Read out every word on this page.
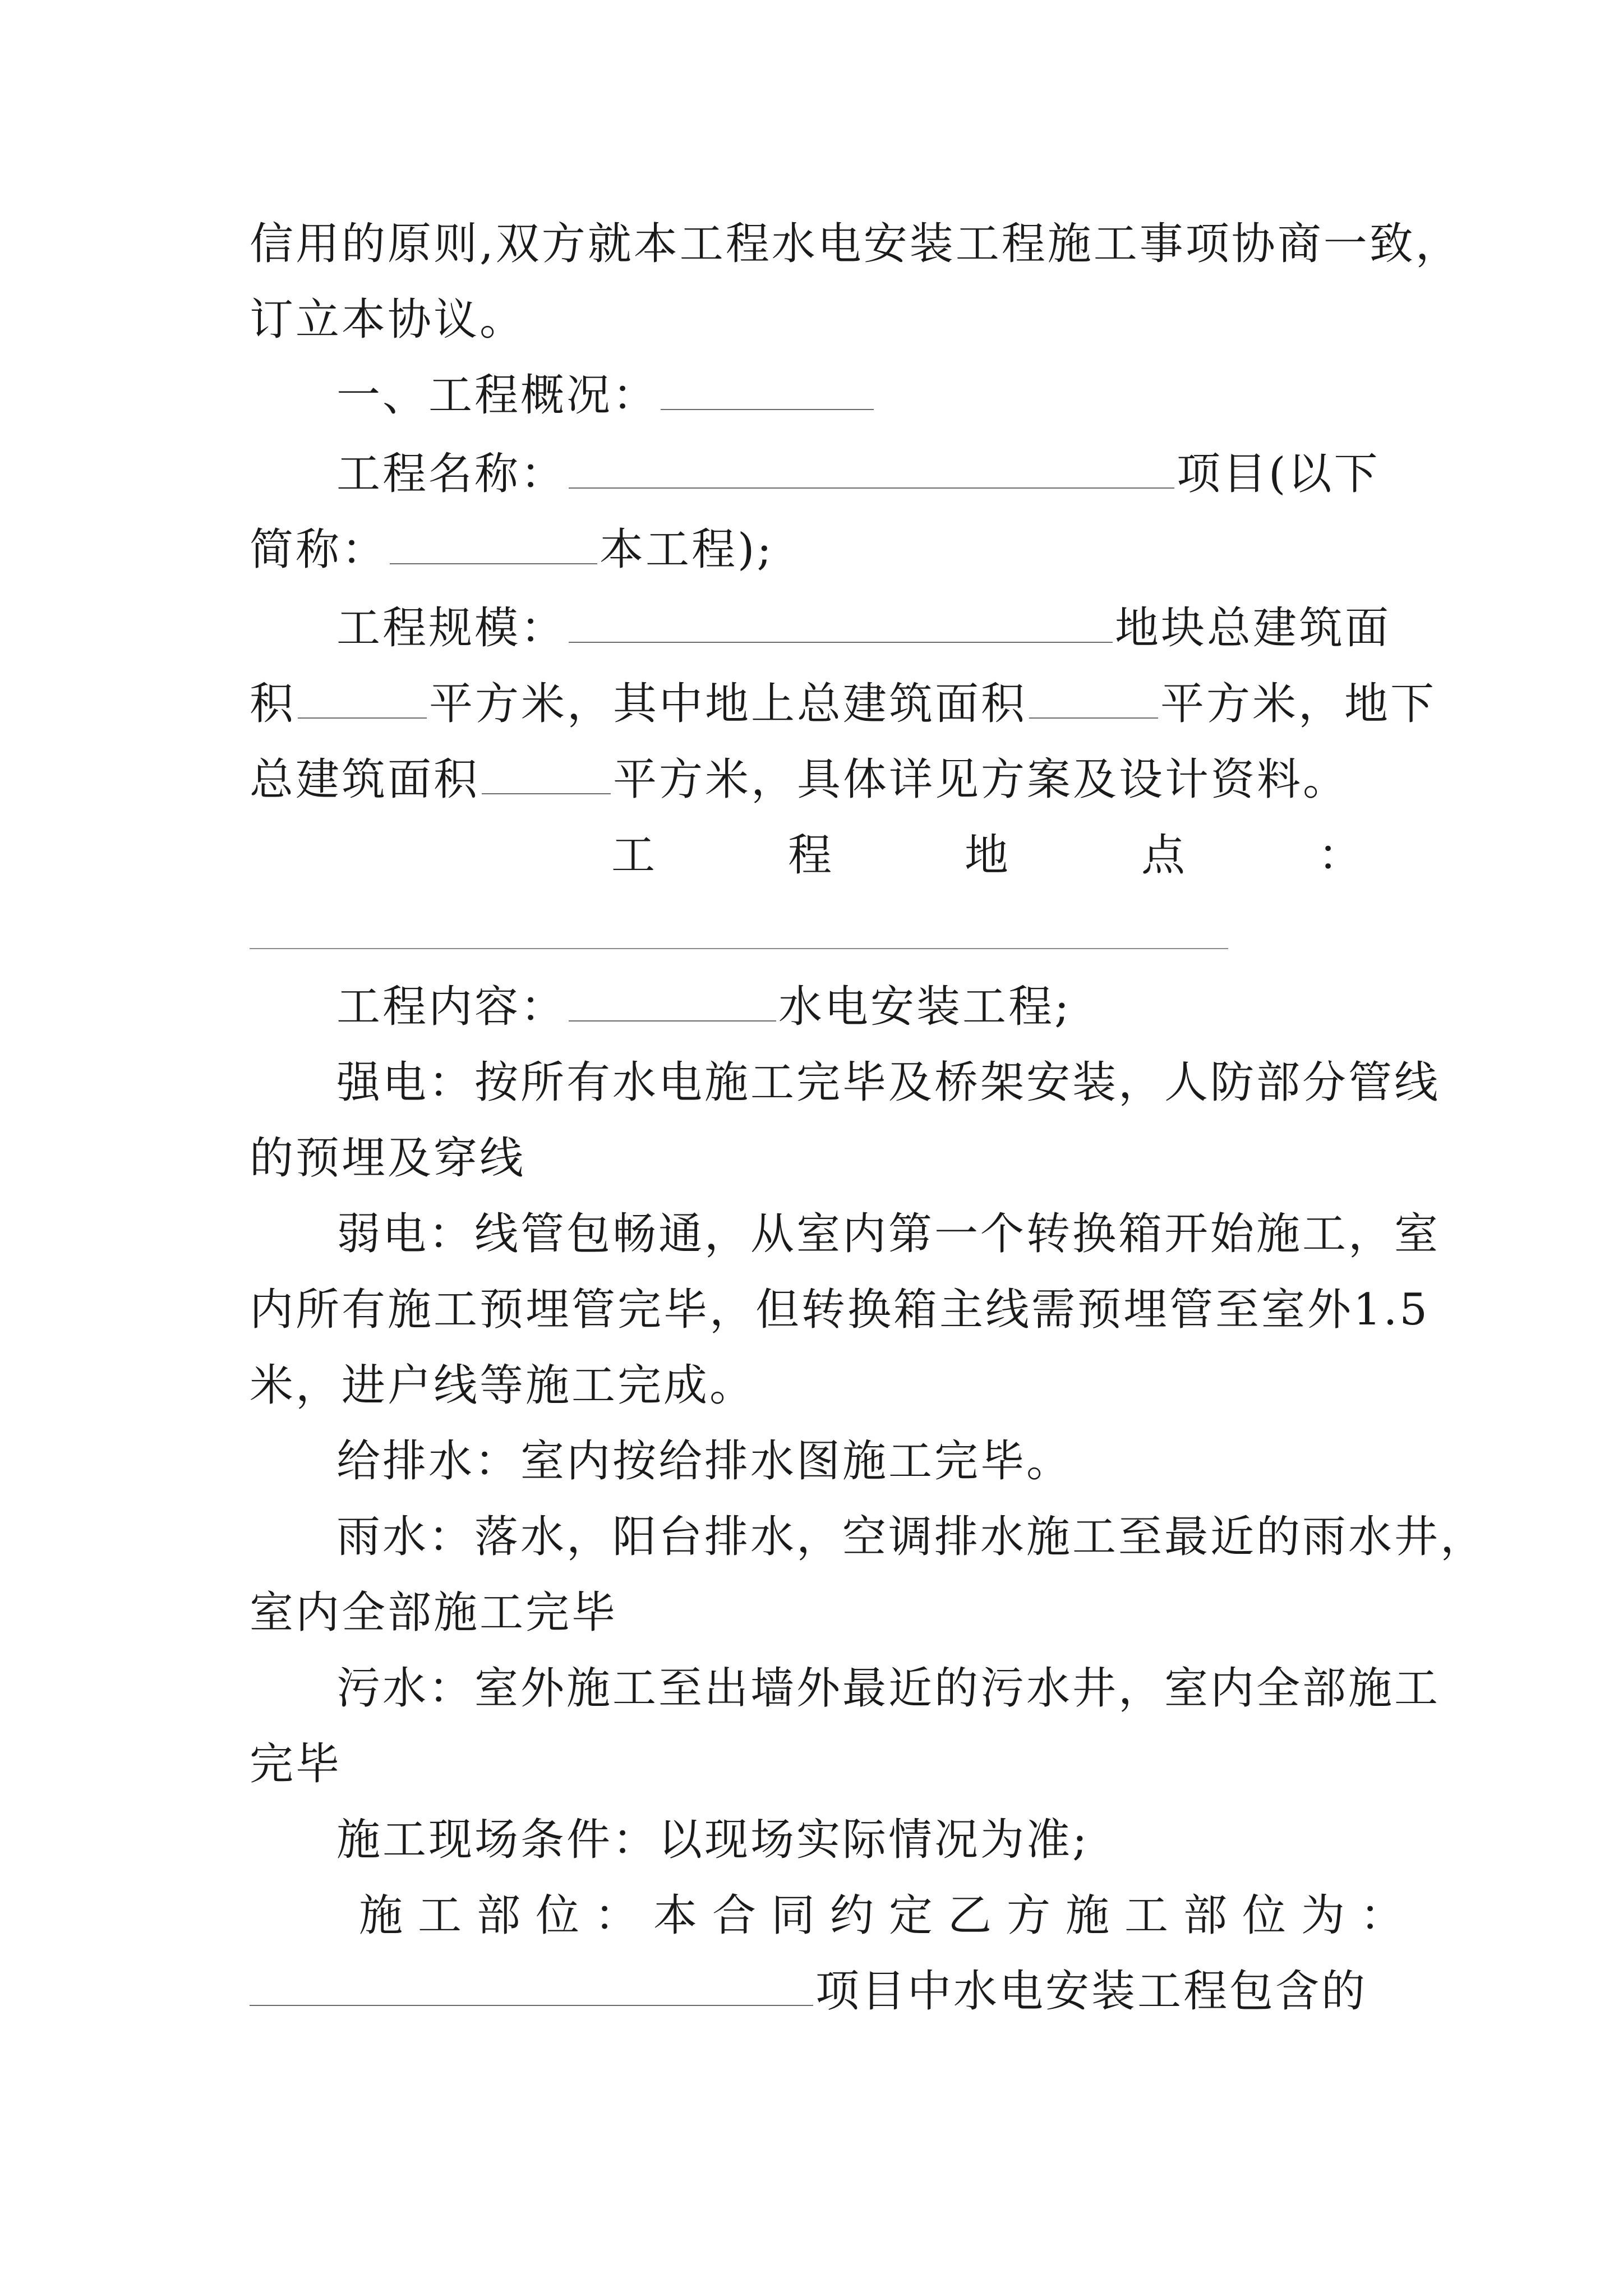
信用的原则,双方就本工程水电安装工程施工事项协商一致，
订立本协议。
一、工程概况：
工程名称：	项目(以下
简称：	本工程);
工程规模：	地块总建筑面
积	平方米，其中地上总建筑面积	平方米，地下
总建筑面积	平方米，具体详见方案及设计资料。
工	程	地	点	：
工程内容：	水电安装工程;
强电：按所有水电施工完毕及桥架安装，人防部分管线
的预埋及穿线
弱电：线管包畅通，从室内第一个转换箱开始施工，室
内所有施工预埋管完毕，但转换箱主线需预埋管至室外1.5
米，进户线等施工完成。
给排水：室内按给排水图施工完毕。
雨水：落水，阳台排水，空调排水施工至最近的雨水井，
室内全部施工完毕
污水：室外施工至出墙外最近的污水井，室内全部施工
完毕
施工现场条件：以现场实际情况为准;
施工部位：本合同约定乙方施工部位为：
项目中水电安装工程包含的
